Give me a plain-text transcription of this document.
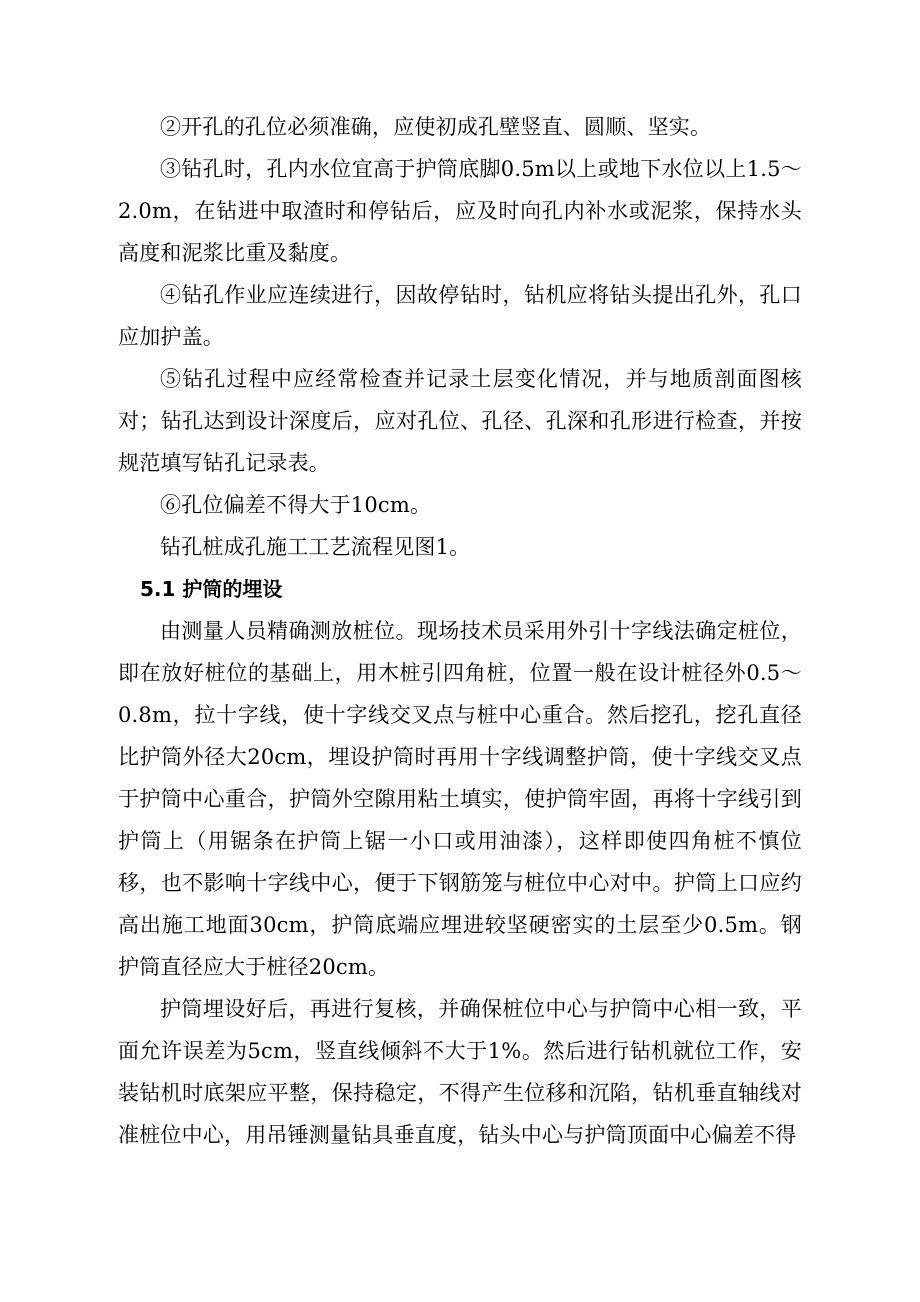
②开孔的孔位必须准确，应使初成孔壁竖直、圆顺、坚实。

③钻孔时，孔内水位宜高于护筒底脚0.5m以上或地下水位以上1.5～2.0m，在钻进中取渣时和停钻后，应及时向孔内补水或泥浆，保持水头高度和泥浆比重及黏度。

④钻孔作业应连续进行，因故停钻时，钻机应将钻头提出孔外，孔口应加护盖。

⑤钻孔过程中应经常检查并记录土层变化情况，并与地质剖面图核对；钻孔达到设计深度后，应对孔位、孔径、孔深和孔形进行检查，并按规范填写钻孔记录表。

⑥孔位偏差不得大于10cm。

钻孔桩成孔施工工艺流程见图1。

5.1 护筒的埋设

由测量人员精确测放桩位。现场技术员采用外引十字线法确定桩位，即在放好桩位的基础上，用木桩引四角桩，位置一般在设计桩径外0.5～0.8m，拉十字线，使十字线交叉点与桩中心重合。然后挖孔，挖孔直径比护筒外径大20cm，埋设护筒时再用十字线调整护筒，使十字线交叉点于护筒中心重合，护筒外空隙用粘土填实，使护筒牢固，再将十字线引到护筒上（用锯条在护筒上锯一小口或用油漆），这样即使四角桩不慎位移，也不影响十字线中心，便于下钢筋笼与桩位中心对中。护筒上口应约高出施工地面30cm，护筒底端应埋进较坚硬密实的土层至少0.5m。钢护筒直径应大于桩径20cm。

护筒埋设好后，再进行复核，并确保桩位中心与护筒中心相一致，平面允许误差为5cm，竖直线倾斜不大于1%。然后进行钻机就位工作，安装钻机时底架应平整，保持稳定，不得产生位移和沉陷，钻机垂直轴线对准桩位中心，用吊锤测量钻具垂直度，钻头中心与护筒顶面中心偏差不得
